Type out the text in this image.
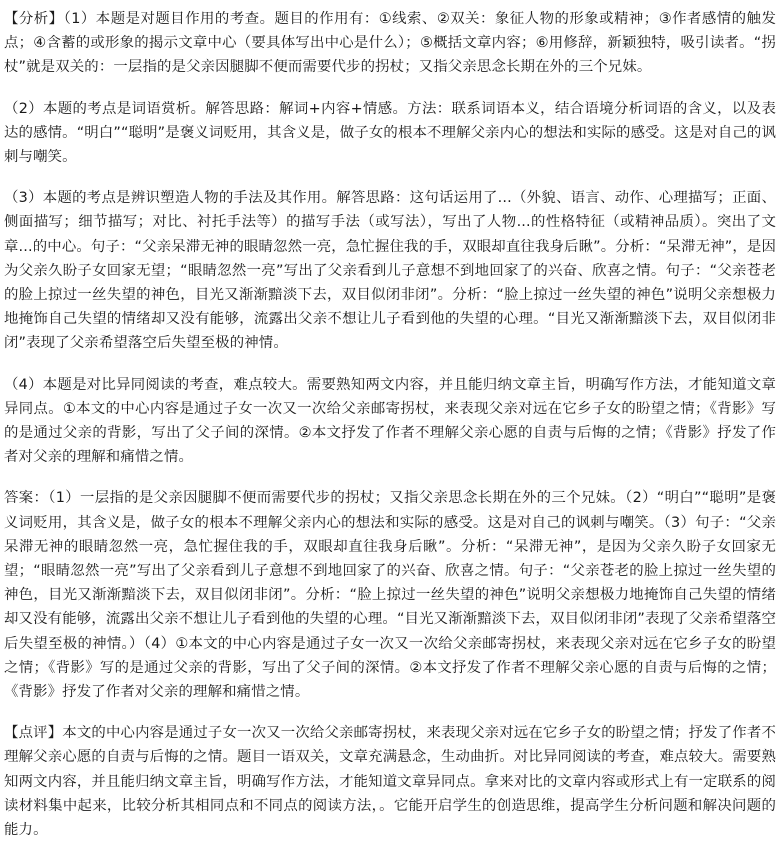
【分析】（1）本题是对题目作用的考查。题目的作用有：①线索、②双关：象征人物的形象或精神；③作者感情的触发点；④含蓄的或形象的揭示文章中心（要具体写出中心是什么）；⑤概括文章内容；⑥用修辞，新颖独特，吸引读者。“拐杖”就是双关的：一层指的是父亲因腿脚不便而需要代步的拐杖；又指父亲思念长期在外的三个兄妹。

（2）本题的考点是词语赏析。解答思路：解词+内容+情感。方法：联系词语本义，结合语境分析词语的含义，以及表达的感情。“明白”“聪明”是褒义词贬用，其含义是，做子女的根本不理解父亲内心的想法和实际的感受。这是对自己的讽刺与嘲笑。

（3）本题的考点是辨识塑造人物的手法及其作用。解答思路：这句话运用了...（外貌、语言、动作、心理描写；正面、侧面描写；细节描写；对比、衬托手法等）的描写手法（或写法），写出了人物...的性格特征（或精神品质）。突出了文章...的中心。句子：“父亲呆滞无神的眼睛忽然一亮，急忙握住我的手，双眼却直往我身后瞅”。分析：“呆滞无神”，是因为父亲久盼子女回家无望；“眼睛忽然一亮”写出了父亲看到儿子意想不到地回家了的兴奋、欣喜之情。句子：“父亲苍老的脸上掠过一丝失望的神色，目光又渐渐黯淡下去，双目似闭非闭”。分析：“脸上掠过一丝失望的神色”说明父亲想极力地掩饰自己失望的情绪却又没有能够，流露出父亲不想让儿子看到他的失望的心理。“目光又渐渐黯淡下去，双目似闭非闭”表现了父亲希望落空后失望至极的神情。

（4）本题是对比异同阅读的考查，难点较大。需要熟知两文内容，并且能归纳文章主旨，明确写作方法，才能知道文章异同点。①本文的中心内容是通过子女一次又一次给父亲邮寄拐杖，来表现父亲对远在它乡子女的盼望之情；《背影》写的是通过父亲的背影，写出了父子间的深情。②本文抒发了作者不理解父亲心愿的自责与后悔的之情；《背影》抒发了作者对父亲的理解和痛惜之情。

答案：（1）一层指的是父亲因腿脚不便而需要代步的拐杖；又指父亲思念长期在外的三个兄妹。（2）“明白”“聪明”是褒义词贬用，其含义是，做子女的根本不理解父亲内心的想法和实际的感受。这是对自己的讽刺与嘲笑。（3）句子：“父亲呆滞无神的眼睛忽然一亮，急忙握住我的手，双眼却直往我身后瞅”。分析：“呆滞无神”，是因为父亲久盼子女回家无望；“眼睛忽然一亮”写出了父亲看到儿子意想不到地回家了的兴奋、欣喜之情。句子：“父亲苍老的脸上掠过一丝失望的神色，目光又渐渐黯淡下去，双目似闭非闭”。分析：“脸上掠过一丝失望的神色”说明父亲想极力地掩饰自己失望的情绪却又没有能够，流露出父亲不想让儿子看到他的失望的心理。“目光又渐渐黯淡下去，双目似闭非闭”表现了父亲希望落空后失望至极的神情。）（4）①本文的中心内容是通过子女一次又一次给父亲邮寄拐杖，来表现父亲对远在它乡子女的盼望之情；《背影》写的是通过父亲的背影，写出了父子间的深情。②本文抒发了作者不理解父亲心愿的自责与后悔的之情；《背影》抒发了作者对父亲的理解和痛惜之情。

【点评】本文的中心内容是通过子女一次又一次给父亲邮寄拐杖，来表现父亲对远在它乡子女的盼望之情；抒发了作者不理解父亲心愿的自责与后悔的之情。题目一语双关，文章充满悬念，生动曲折。对比异同阅读的考查，难点较大。需要熟知两文内容，并且能归纳文章主旨，明确写作方法，才能知道文章异同点。拿来对比的文章内容或形式上有一定联系的阅读材料集中起来，比较分析其相同点和不同点的阅读方法，。它能开启学生的创造思维，提高学生分析问题和解决问题的能力。
